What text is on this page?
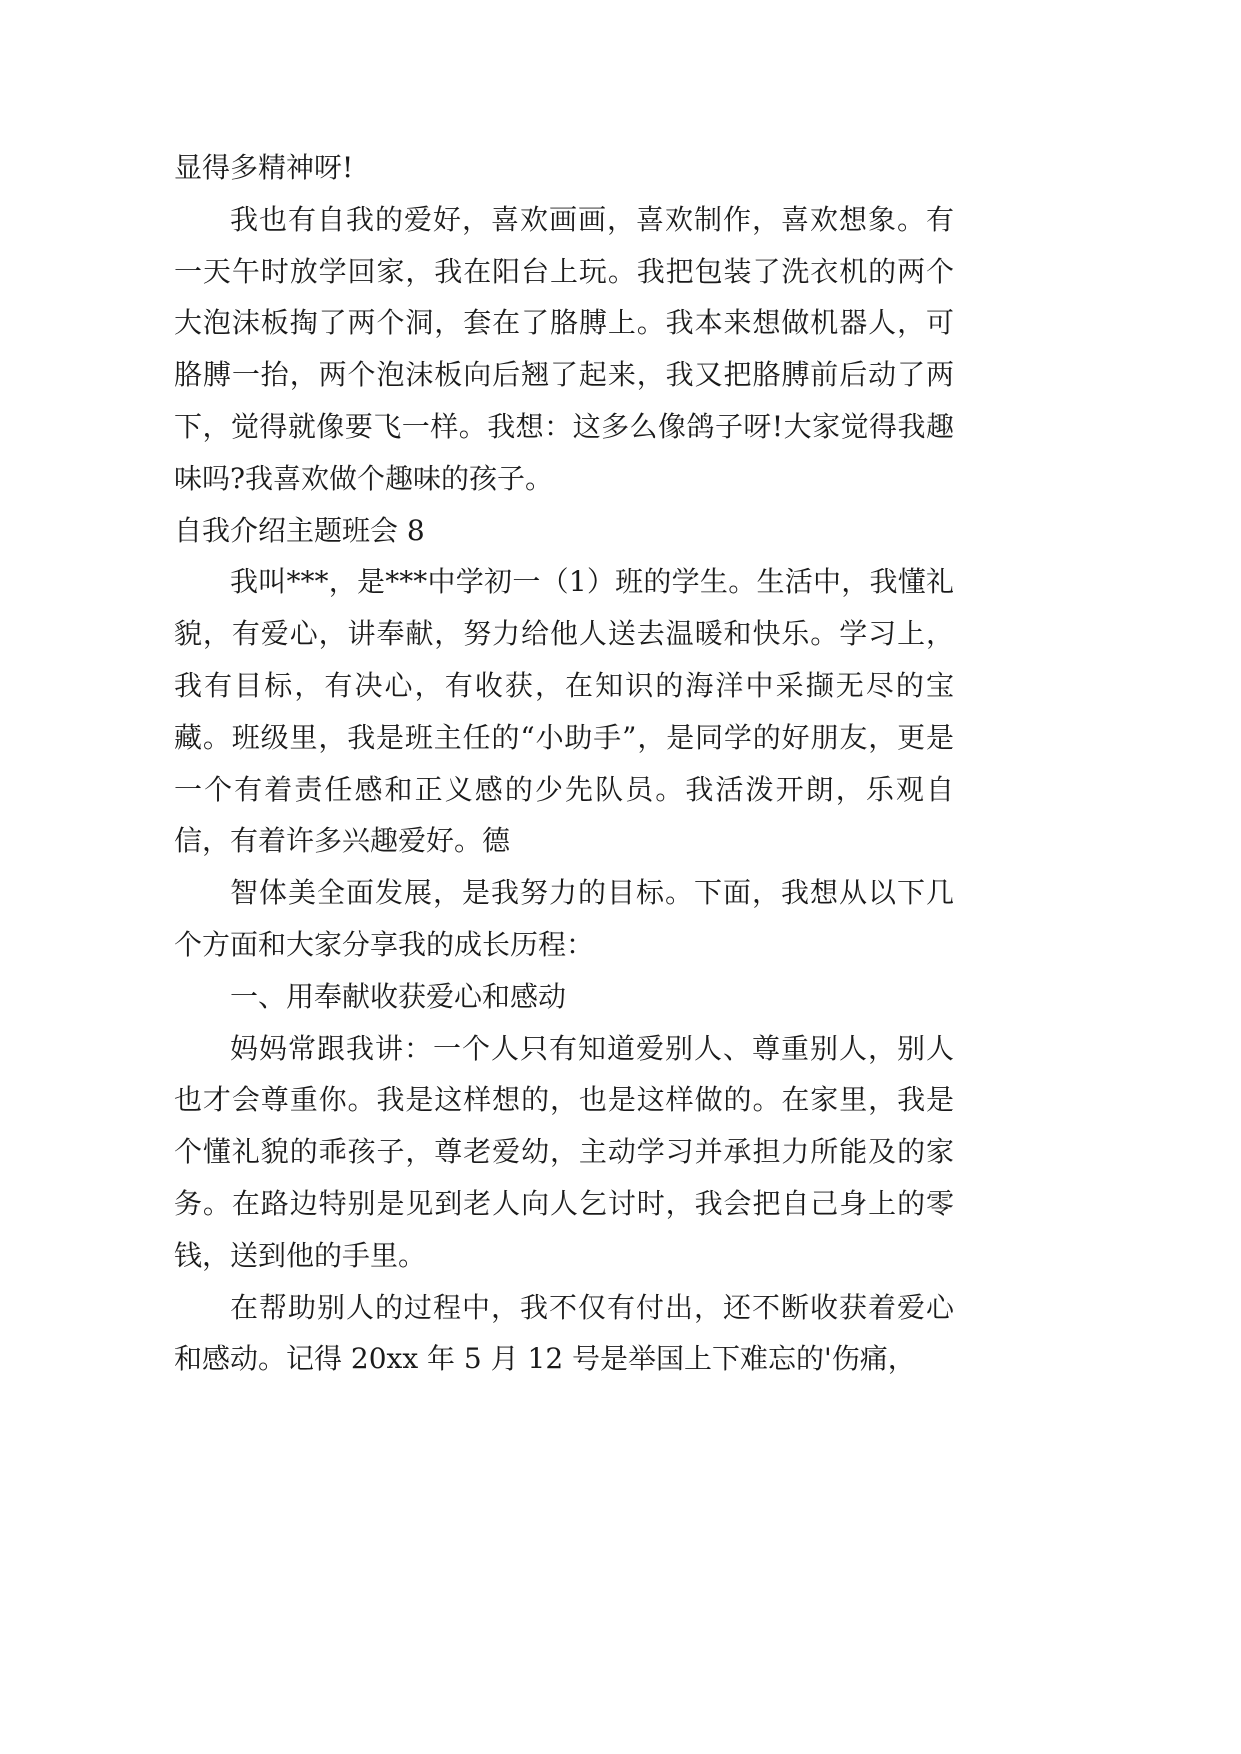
显得多精神呀!

我也有自我的爱好，喜欢画画，喜欢制作，喜欢想象。有一天午时放学回家，我在阳台上玩。我把包装了洗衣机的两个大泡沫板掏了两个洞，套在了胳膊上。我本来想做机器人，可胳膊一抬，两个泡沫板向后翘了起来，我又把胳膊前后动了两下，觉得就像要飞一样。我想：这多么像鸽子呀!大家觉得我趣味吗?我喜欢做个趣味的孩子。

自我介绍主题班会 8

我叫***，是***中学初一（1）班的学生。生活中，我懂礼貌，有爱心，讲奉献，努力给他人送去温暖和快乐。学习上，我有目标，有决心，有收获，在知识的海洋中采撷无尽的宝藏。班级里，我是班主任的“小助手”，是同学的好朋友，更是一个有着责任感和正义感的少先队员。我活泼开朗，乐观自信，有着许多兴趣爱好。德

智体美全面发展，是我努力的目标。下面，我想从以下几个方面和大家分享我的成长历程：

一、用奉献收获爱心和感动

妈妈常跟我讲：一个人只有知道爱别人、尊重别人，别人也才会尊重你。我是这样想的，也是这样做的。在家里，我是个懂礼貌的乖孩子，尊老爱幼，主动学习并承担力所能及的家务。在路边特别是见到老人向人乞讨时，我会把自己身上的零钱，送到他的手里。

在帮助别人的过程中，我不仅有付出，还不断收获着爱心和感动。记得 20xx 年 5 月 12 号是举国上下难忘的'伤痛，
